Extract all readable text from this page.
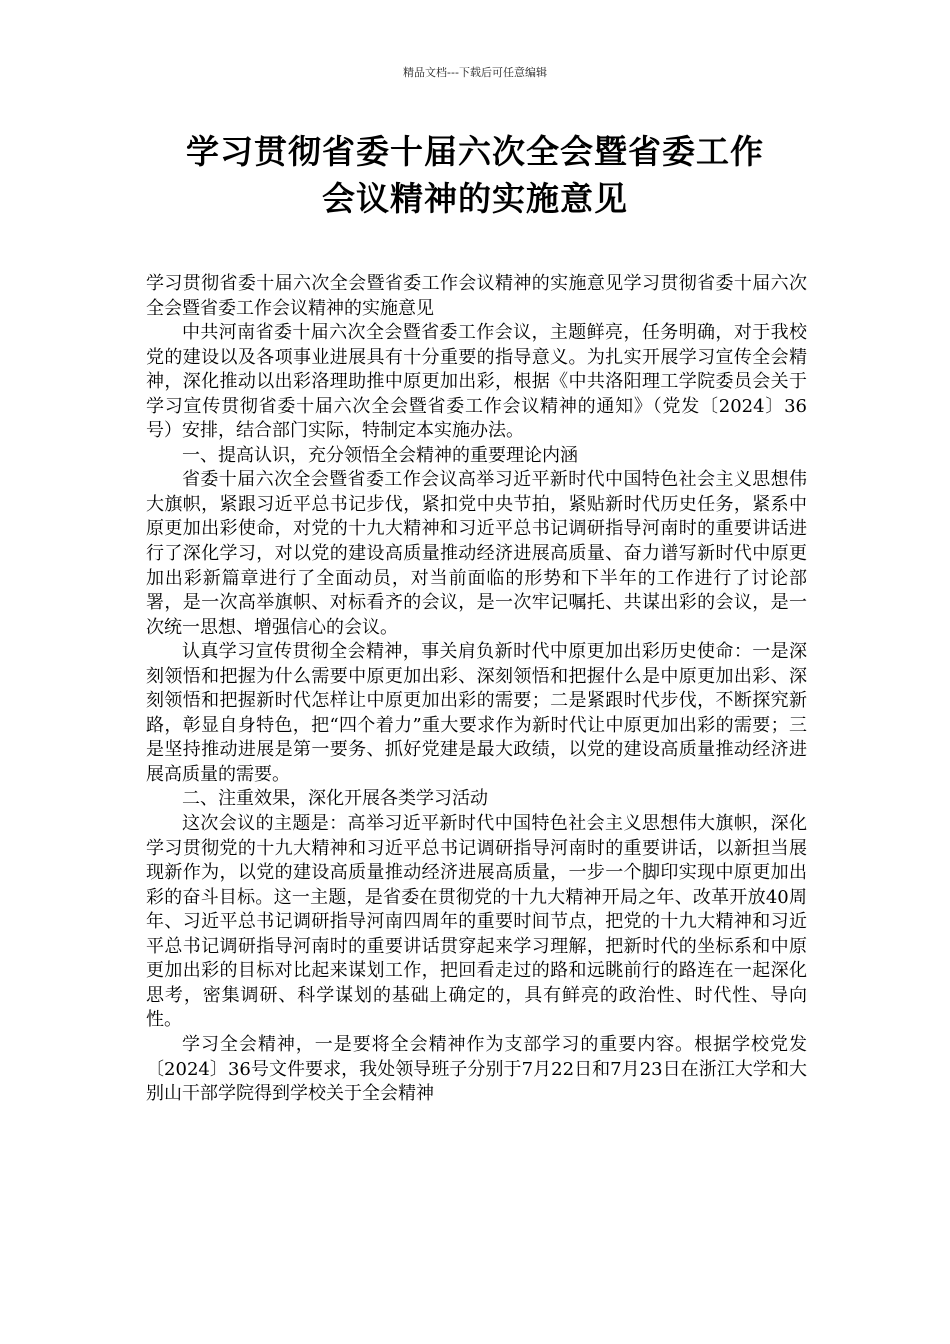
精品文档---下载后可任意编辑
学习贯彻省委十届六次全会暨省委工作
会议精神的实施意见

学习贯彻省委十届六次全会暨省委工作会议精神的实施意见学习贯彻省委十届六次全会暨省委工作会议精神的实施意见

中共河南省委十届六次全会暨省委工作会议，主题鲜亮，任务明确，对于我校党的建设以及各项事业进展具有十分重要的指导意义。为扎实开展学习宣传全会精神，深化推动以出彩洛理助推中原更加出彩，根据《中共洛阳理工学院委员会关于学习宣传贯彻省委十届六次全会暨省委工作会议精神的通知》（党发〔2024〕36号）安排，结合部门实际，特制定本实施办法。

一、提高认识，充分领悟全会精神的重要理论内涵

省委十届六次全会暨省委工作会议高举习近平新时代中国特色社会主义思想伟大旗帜，紧跟习近平总书记步伐，紧扣党中央节拍，紧贴新时代历史任务，紧系中原更加出彩使命，对党的十九大精神和习近平总书记调研指导河南时的重要讲话进行了深化学习，对以党的建设高质量推动经济进展高质量、奋力谱写新时代中原更加出彩新篇章进行了全面动员，对当前面临的形势和下半年的工作进行了讨论部署，是一次高举旗帜、对标看齐的会议，是一次牢记嘱托、共谋出彩的会议，是一次统一思想、增强信心的会议。

认真学习宣传贯彻全会精神，事关肩负新时代中原更加出彩历史使命：一是深刻领悟和把握为什么需要中原更加出彩、深刻领悟和把握什么是中原更加出彩、深刻领悟和把握新时代怎样让中原更加出彩的需要；二是紧跟时代步伐，不断探究新路，彰显自身特色，把“四个着力”重大要求作为新时代让中原更加出彩的需要；三是坚持推动进展是第一要务、抓好党建是最大政绩，以党的建设高质量推动经济进展高质量的需要。

二、注重效果，深化开展各类学习活动

这次会议的主题是：高举习近平新时代中国特色社会主义思想伟大旗帜，深化学习贯彻党的十九大精神和习近平总书记调研指导河南时的重要讲话，以新担当展现新作为，以党的建设高质量推动经济进展高质量，一步一个脚印实现中原更加出彩的奋斗目标。这一主题，是省委在贯彻党的十九大精神开局之年、改革开放40周年、习近平总书记调研指导河南四周年的重要时间节点，把党的十九大精神和习近平总书记调研指导河南时的重要讲话贯穿起来学习理解，把新时代的坐标系和中原更加出彩的目标对比起来谋划工作，把回看走过的路和远眺前行的路连在一起深化思考，密集调研、科学谋划的基础上确定的，具有鲜亮的政治性、时代性、导向性。

学习全会精神，一是要将全会精神作为支部学习的重要内容。根据学校党发〔2024〕36号文件要求，我处领导班子分别于7月22日和7月23日在浙江大学和大别山干部学院得到学校关于全会精神
